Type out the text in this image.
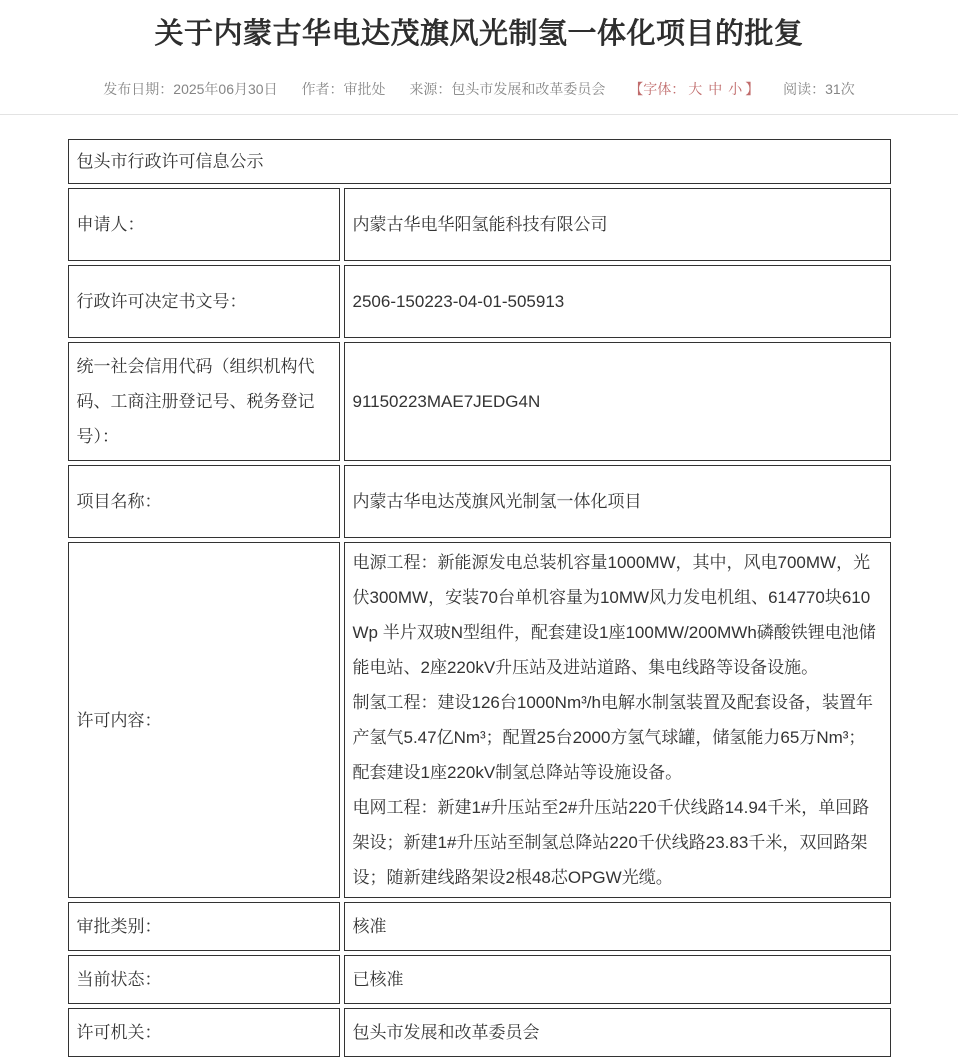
关于内蒙古华电达茂旗风光制氢一体化项目的批复
发布日期：2025年06月30日 作者：审批处 来源：包头市发展和改革委员会 【字体： 大 中 小 】 阅读：31次
包头市行政许可信息公示	
申请人：	内蒙古华电华阳氢能科技有限公司
行政许可决定书文号：	2506-150223-04-01-505913
统一社会信用代码（组织机构代码、工商注册登记号、税务登记号）：	91150223MAE7JEDG4N
项目名称：	内蒙古华电达茂旗风光制氢一体化项目
许可内容：	电源工程：新能源发电总装机容量1000MW，其中，风电700MW，光伏300MW，安装70台单机容量为10MW风力发电机组、614770块610Wp 半片双玻N型组件，配套建设1座100MW/200MWh磷酸铁锂电池储能电站、2座220kV升压站及进站道路、集电线路等设备设施。

制氢工程：建设126台1000Nm³/h电解水制氢装置及配套设备，装置年产氢气5.47亿Nm³；配置25台2000方氢气球罐，储氢能力65万Nm³；配套建设1座220kV制氢总降站等设施设备。

电网工程：新建1#升压站至2#升压站220千伏线路14.94千米，单回路架设；新建1#升压站至制氢总降站220千伏线路23.83千米，双回路架设；随新建线路架设2根48芯OPGW光缆。

审批类别：	核准
当前状态：	已核准
许可机关：	包头市发展和改革委员会
